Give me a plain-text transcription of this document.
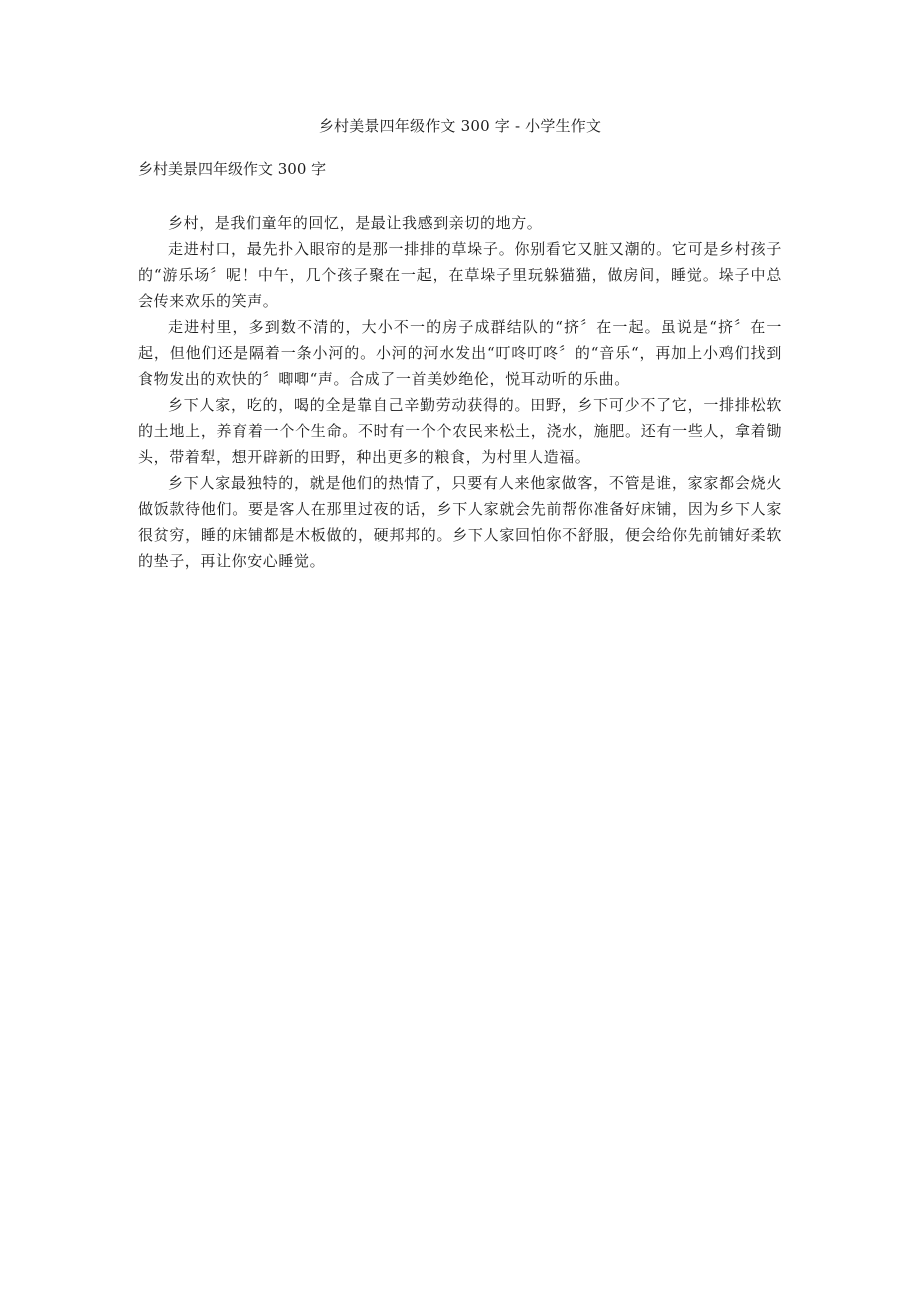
乡村美景四年级作文 300 字 - 小学生作文
乡村美景四年级作文 300 字

乡村，是我们童年的回忆，是最让我感到亲切的地方。

走进村口，最先扑入眼帘的是那一排排的草垛子。你别看它又脏又潮的。它可是乡村孩子的“游乐场〞呢！中午，几个孩子聚在一起，在草垛子里玩躲猫猫，做房间，睡觉。垛子中总会传来欢乐的笑声。

走进村里，多到数不清的，大小不一的房子成群结队的“挤〞在一起。虽说是“挤〞在一起，但他们还是隔着一条小河的。小河的河水发出“叮咚叮咚〞的“音乐“，再加上小鸡们找到食物发出的欢快的〞唧唧“声。合成了一首美妙绝伦，悦耳动听的乐曲。

乡下人家，吃的，喝的全是靠自己辛勤劳动获得的。田野，乡下可少不了它，一排排松软的土地上，养育着一个个生命。不时有一个个农民来松土，浇水，施肥。还有一些人，拿着锄头，带着犁，想开辟新的田野，种出更多的粮食，为村里人造福。

乡下人家最独特的，就是他们的热情了，只要有人来他家做客，不管是谁，家家都会烧火做饭款待他们。要是客人在那里过夜的话，乡下人家就会先前帮你准备好床铺，因为乡下人家很贫穷，睡的床铺都是木板做的，硬邦邦的。乡下人家回怕你不舒服，便会给你先前铺好柔软的垫子，再让你安心睡觉。
